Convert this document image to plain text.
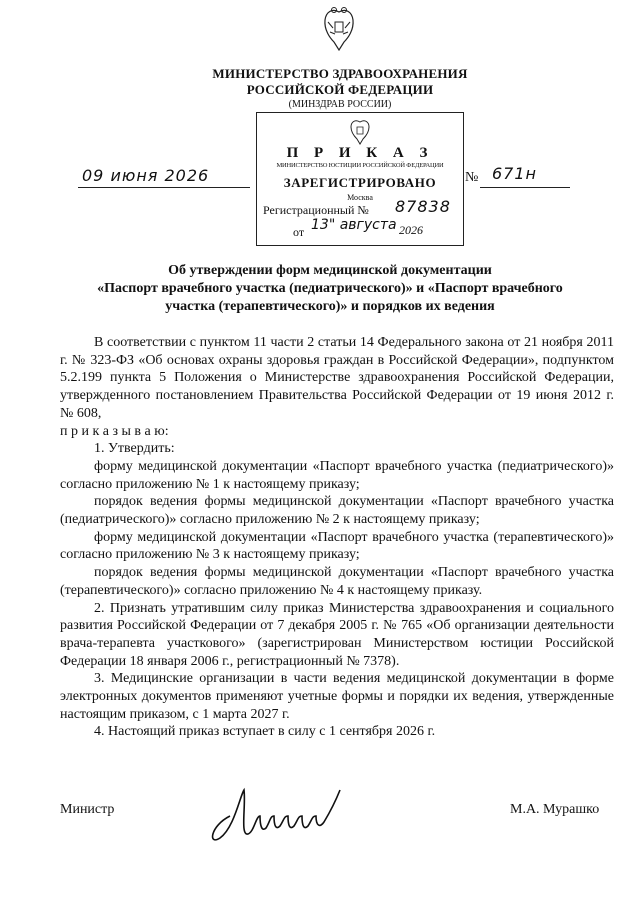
МИНИСТЕРСТВО ЗДРАВООХРАНЕНИЯ
РОССИЙСКОЙ ФЕДЕРАЦИИ
(МИНЗДРАВ РОССИИ)
П Р И К А З
МИНИСТЕРСТВО ЮСТИЦИИ РОССИЙСКОЙ ФЕДЕРАЦИИ
ЗАРЕГИСТРИРОВАНО
Москва
Регистрационный № 87838
от 13" августа 2026
09 июня 2026	№ 671н
Об утверждении форм медицинской документации
«Паспорт врачебного участка (педиатрического)» и «Паспорт врачебного
участка (терапевтического)» и порядков их ведения

В соответствии с пунктом 11 части 2 статьи 14 Федерального закона от 21 ноября 2011 г. № 323-ФЗ «Об основах охраны здоровья граждан в Российской Федерации», подпунктом 5.2.199 пункта 5 Положения о Министерстве здравоохранения Российской Федерации, утвержденного постановлением Правительства Российской Федерации от 19 июня 2012 г. № 608,

п р и к а з ы в а ю:

1. Утвердить:

форму медицинской документации «Паспорт врачебного участка (педиатрического)» согласно приложению № 1 к настоящему приказу;

порядок ведения формы медицинской документации «Паспорт врачебного участка (педиатрического)» согласно приложению № 2 к настоящему приказу;

форму медицинской документации «Паспорт врачебного участка (терапевтического)» согласно приложению № 3 к настоящему приказу;

порядок ведения формы медицинской документации «Паспорт врачебного участка (терапевтического)» согласно приложению № 4 к настоящему приказу.

2. Признать утратившим силу приказ Министерства здравоохранения и социального развития Российской Федерации от 7 декабря 2005 г. № 765 «Об организации деятельности врача-терапевта участкового» (зарегистрирован Министерством юстиции Российской Федерации 18 января 2006 г., регистрационный № 7378).

3. Медицинские организации в части ведения медицинской документации в форме электронных документов применяют учетные формы и порядки их ведения, утвержденные настоящим приказом, с 1 марта 2027 г.

4. Настоящий приказ вступает в силу с 1 сентября 2026 г.

Министр	М.А. Мурашко
